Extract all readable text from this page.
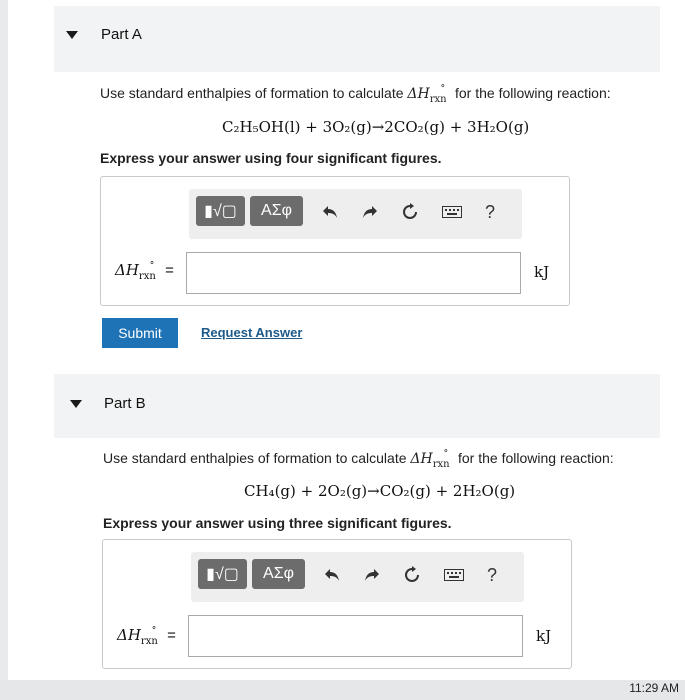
Part A
Use standard enthalpies of formation to calculate $\Delta H_{rxn}^\circ$ for the following reaction:
C₂H₅OH(l) + 3O₂(g)→2CO₂(g) + 3H₂O(g)
Express your answer using four significant figures.
▮√▢ ΑΣφ	?
$\Delta H_{rxn}^\circ$ =	kJ
Submit	Request Answer
Part B
Use standard enthalpies of formation to calculate $\Delta H_{rxn}^\circ$ for the following reaction:
CH₄(g) + 2O₂(g)→CO₂(g) + 2H₂O(g)
Express your answer using three significant figures.
▮√▢ ΑΣφ	?
$\Delta H_{rxn}^\circ$ =	kJ
11:29 AM
